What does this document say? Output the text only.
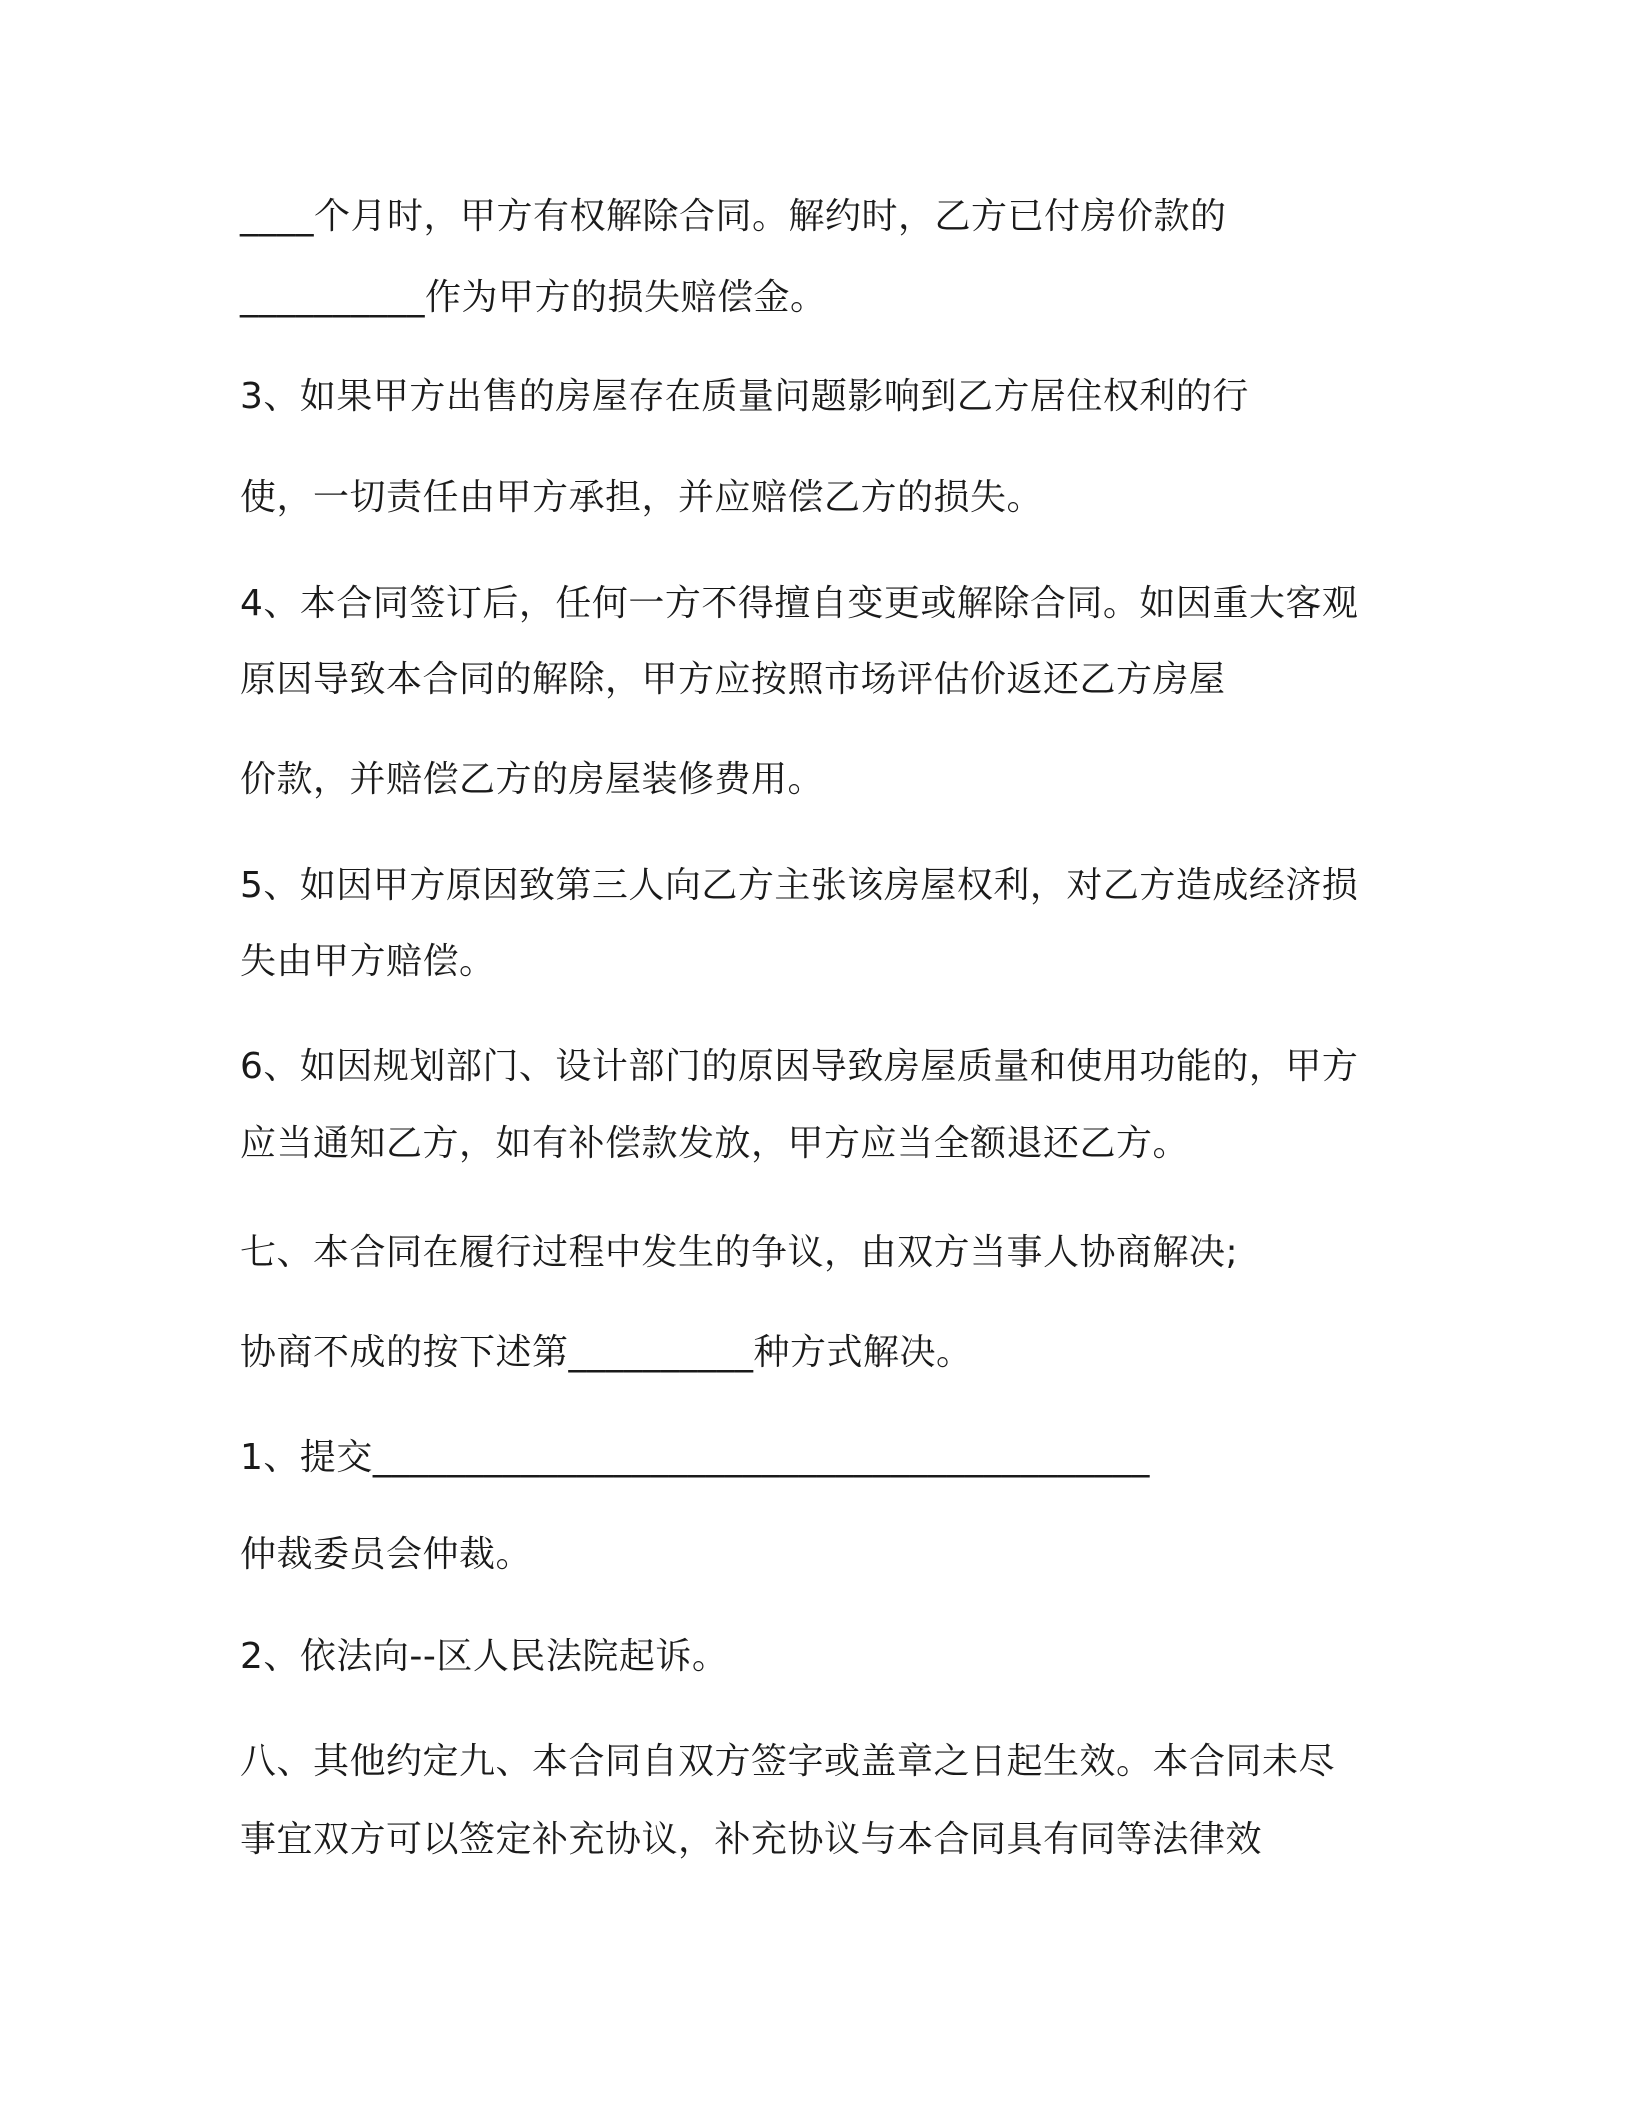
____个月时，甲方有权解除合同。解约时，乙方已付房价款的

__________作为甲方的损失赔偿金。

3、如果甲方出售的房屋存在质量问题影响到乙方居住权利的行

使，一切责任由甲方承担，并应赔偿乙方的损失。

4、本合同签订后，任何一方不得擅自变更或解除合同。如因重大客观

原因导致本合同的解除，甲方应按照市场评估价返还乙方房屋

价款，并赔偿乙方的房屋装修费用。

5、如因甲方原因致第三人向乙方主张该房屋权利，对乙方造成经济损

失由甲方赔偿。

6、如因规划部门、设计部门的原因导致房屋质量和使用功能的，甲方

应当通知乙方，如有补偿款发放，甲方应当全额退还乙方。

七、本合同在履行过程中发生的争议，由双方当事人协商解决;

协商不成的按下述第__________种方式解决。

1、提交__________________________________________

仲裁委员会仲裁。

2、依法向--区人民法院起诉。

八、其他约定九、本合同自双方签字或盖章之日起生效。本合同未尽

事宜双方可以签定补充协议，补充协议与本合同具有同等法律效
